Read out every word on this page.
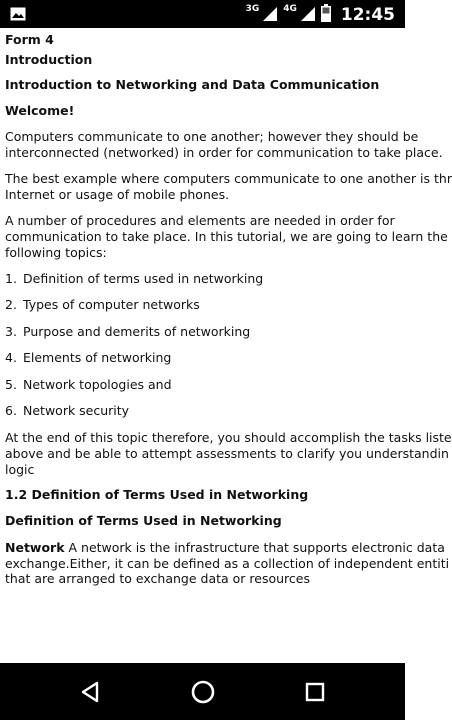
3G	4G	12:45

Form 4

Introduction

Introduction to Networking and Data Communication

Welcome!

Computers communicate to one another; however they should be

interconnected (networked) in order for communication to take place.

The best example where computers communicate to one another is thr

Internet or usage of mobile phones.

A number of procedures and elements are needed in order for

communication to take place. In this tutorial, we are going to learn the

following topics:

1. Definition of terms used in networking
2. Types of computer networks
3. Purpose and demerits of networking
4. Elements of networking
5. Network topologies and
6. Network security

At the end of this topic therefore, you should accomplish the tasks liste

above and be able to attempt assessments to clarify you understandin

logic

1.2 Definition of Terms Used in Networking

Definition of Terms Used in Networking

Network A network is the infrastructure that supports electronic data

exchange.Either, it can be defined as a collection of independent entiti

that are arranged to exchange data or resources
